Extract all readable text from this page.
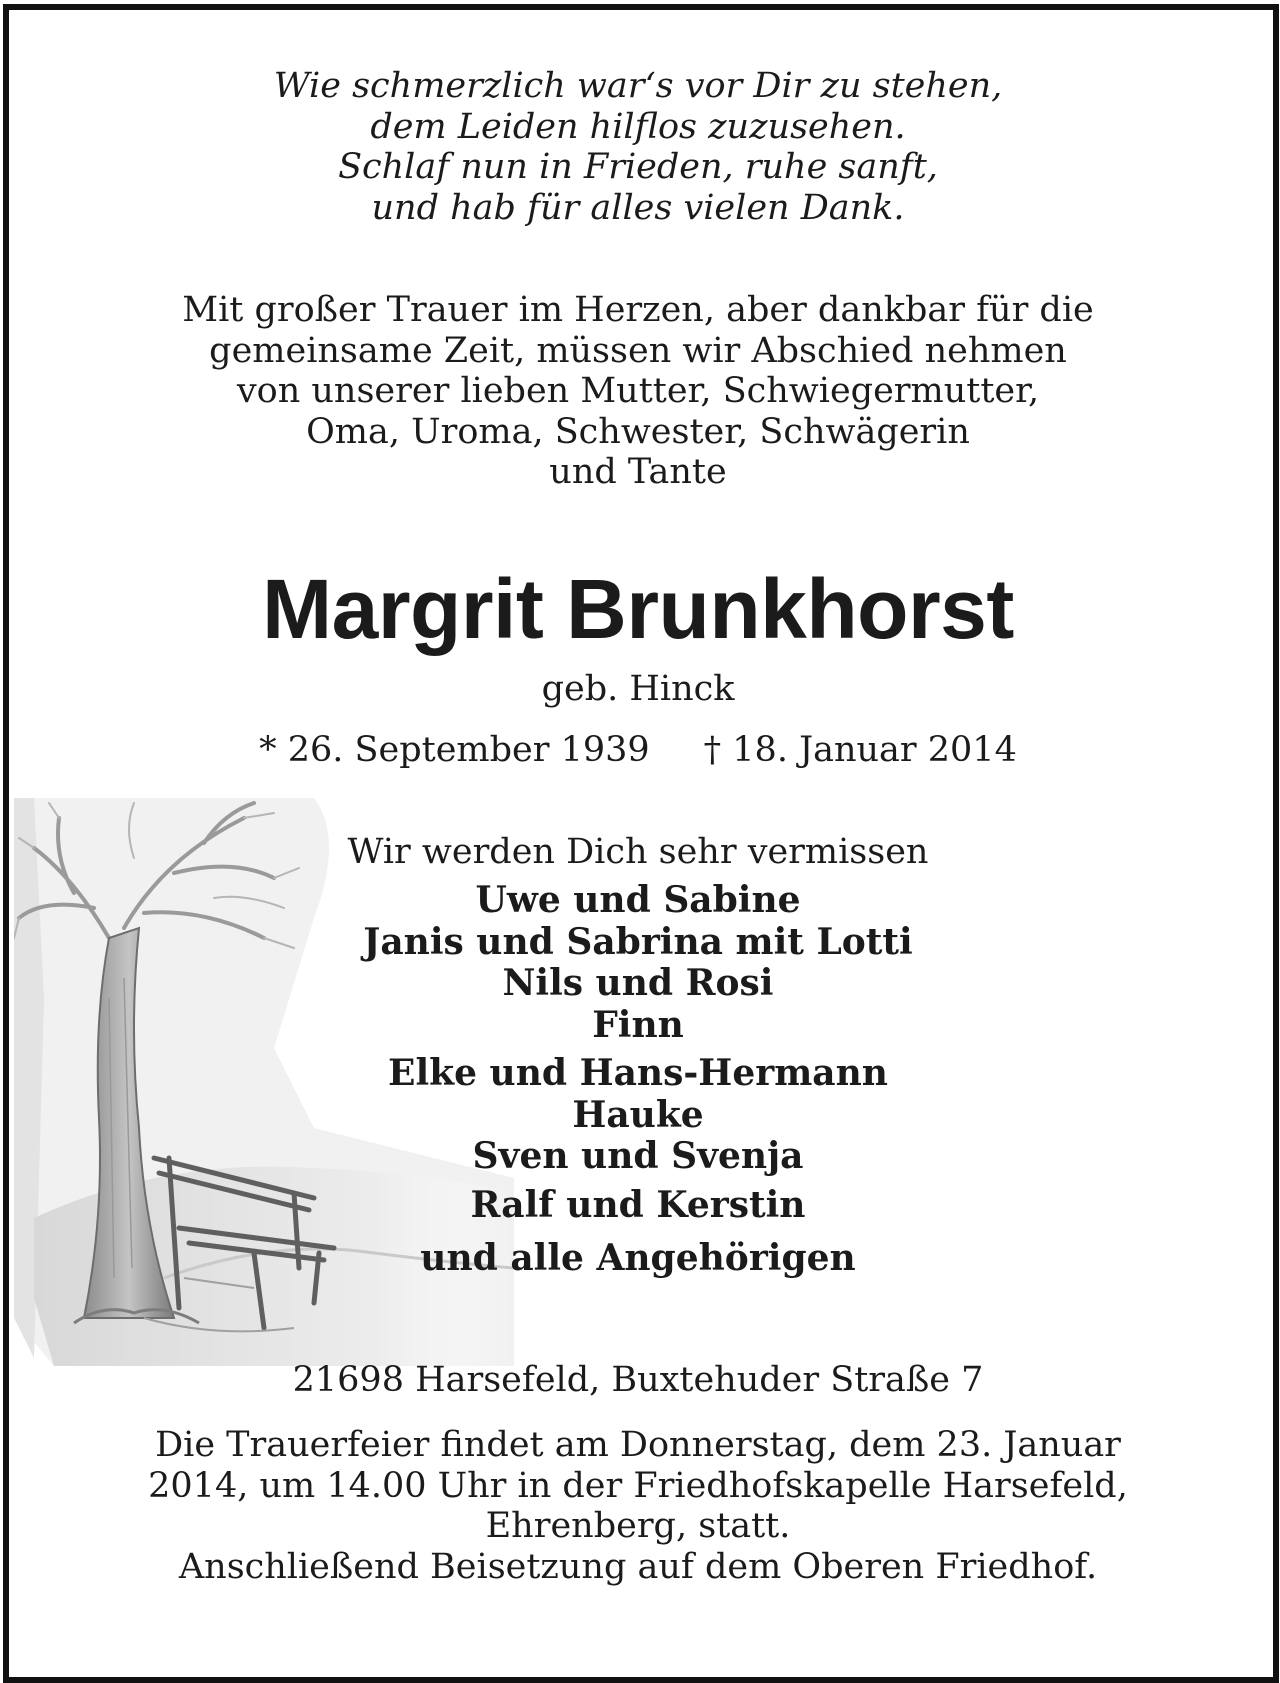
Wie schmerzlich war‘s vor Dir zu stehen,
dem Leiden hilflos zuzusehen.
Schlaf nun in Frieden, ruhe sanft,
und hab für alles vielen Dank.
Mit großer Trauer im Herzen, aber dankbar für die
gemeinsame Zeit, müssen wir Abschied nehmen
von unserer lieben Mutter, Schwiegermutter,
Oma, Uroma, Schwester, Schwägerin
und Tante
Margrit Brunkhorst
geb. Hinck
* 26. September 1939 † 18. Januar 2014
Wir werden Dich sehr vermissen
Uwe und Sabine
Janis und Sabrina mit Lotti
Nils und Rosi
Finn
Elke und Hans-Hermann
Hauke
Sven und Svenja
Ralf und Kerstin
und alle Angehörigen
21698 Harsefeld, Buxtehuder Straße 7
Die Trauerfeier findet am Donnerstag, dem 23. Januar
2014, um 14.00 Uhr in der Friedhofskapelle Harsefeld,
Ehrenberg, statt.
Anschließend Beisetzung auf dem Oberen Friedhof.
